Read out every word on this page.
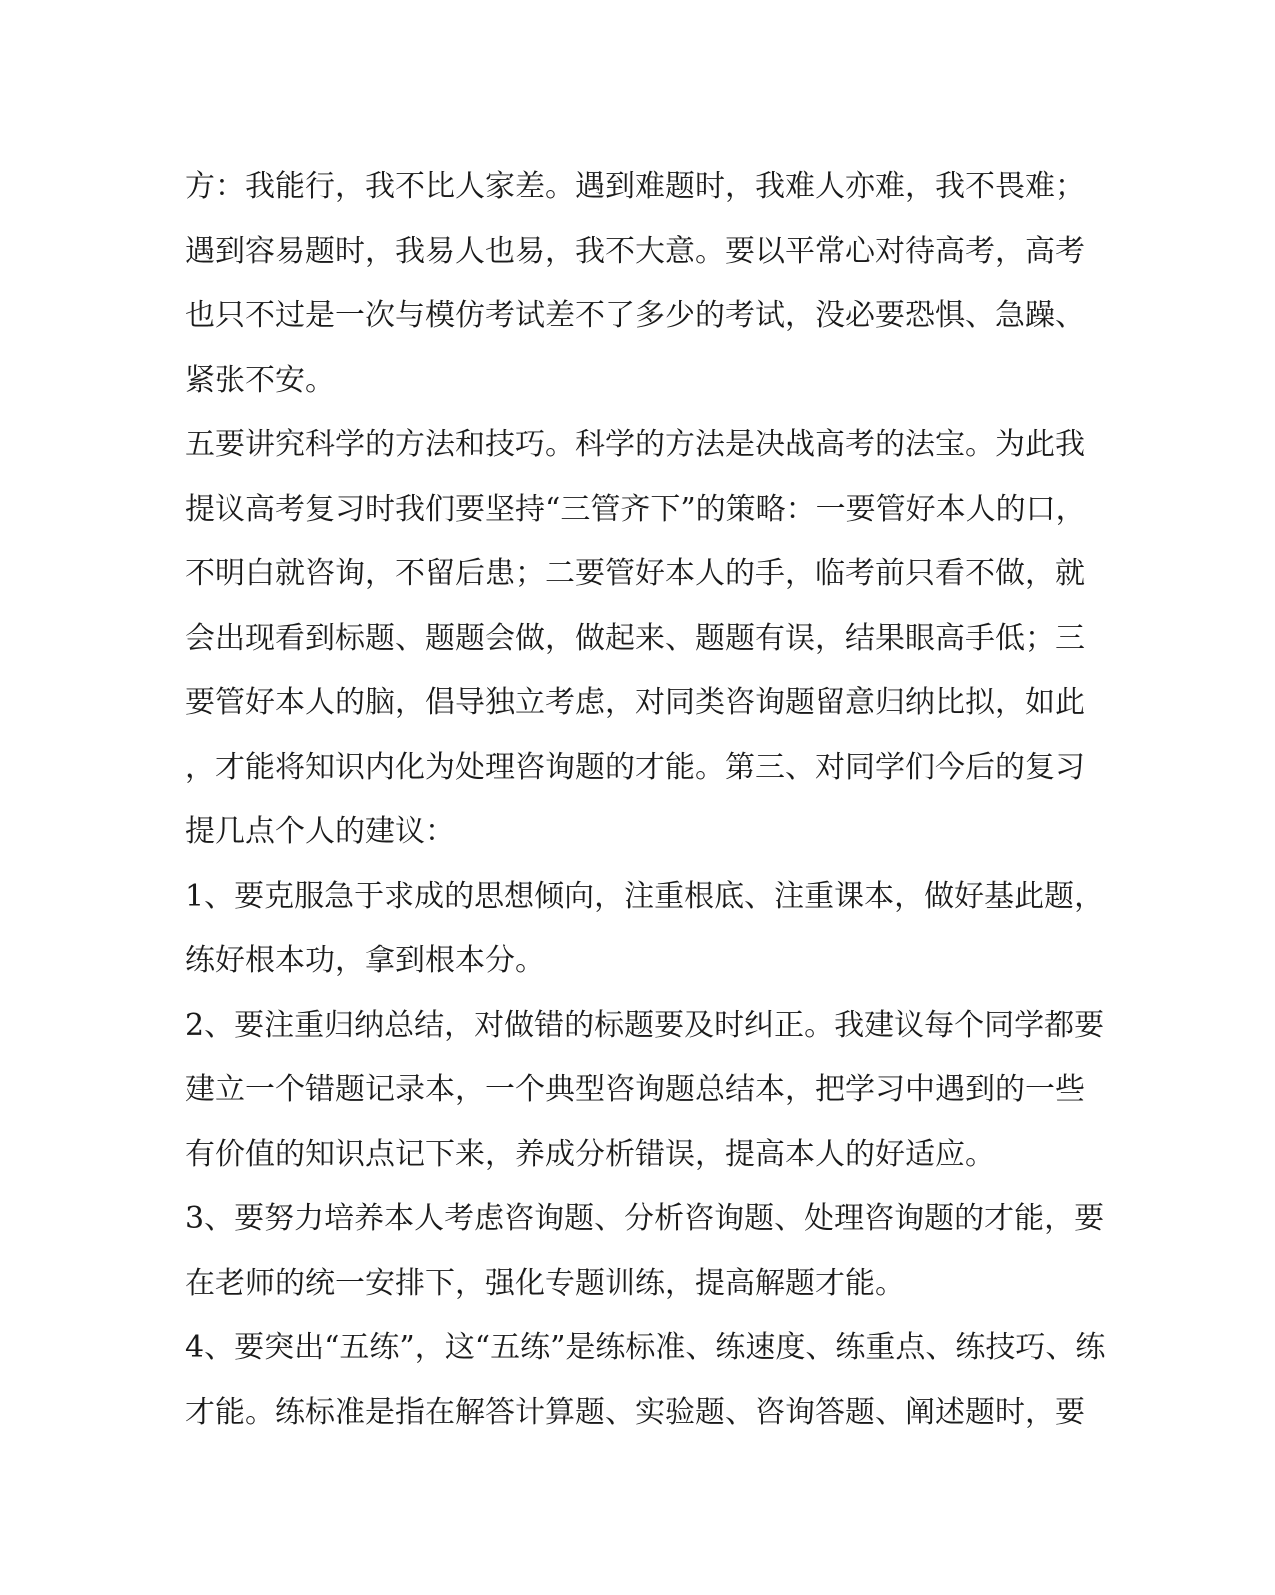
方：我能行，我不比人家差。遇到难题时，我难人亦难，我不畏难；
遇到容易题时，我易人也易，我不大意。要以平常心对待高考，高考
也只不过是一次与模仿考试差不了多少的考试，没必要恐惧、急躁、
紧张不安。
五要讲究科学的方法和技巧。科学的方法是决战高考的法宝。为此我
提议高考复习时我们要坚持“三管齐下”的策略：一要管好本人的口，
不明白就咨询，不留后患；二要管好本人的手，临考前只看不做，就
会出现看到标题、题题会做，做起来、题题有误，结果眼高手低；三
要管好本人的脑，倡导独立考虑，对同类咨询题留意归纳比拟，如此
，才能将知识内化为处理咨询题的才能。第三、对同学们今后的复习
提几点个人的建议：
1、要克服急于求成的思想倾向，注重根底、注重课本，做好基此题，
练好根本功，拿到根本分。
2、要注重归纳总结，对做错的标题要及时纠正。我建议每个同学都要
建立一个错题记录本，一个典型咨询题总结本，把学习中遇到的一些
有价值的知识点记下来，养成分析错误，提高本人的好适应。
3、要努力培养本人考虑咨询题、分析咨询题、处理咨询题的才能，要
在老师的统一安排下，强化专题训练，提高解题才能。
4、要突出“五练”，这“五练”是练标准、练速度、练重点、练技巧、练
才能。练标准是指在解答计算题、实验题、咨询答题、阐述题时，要
